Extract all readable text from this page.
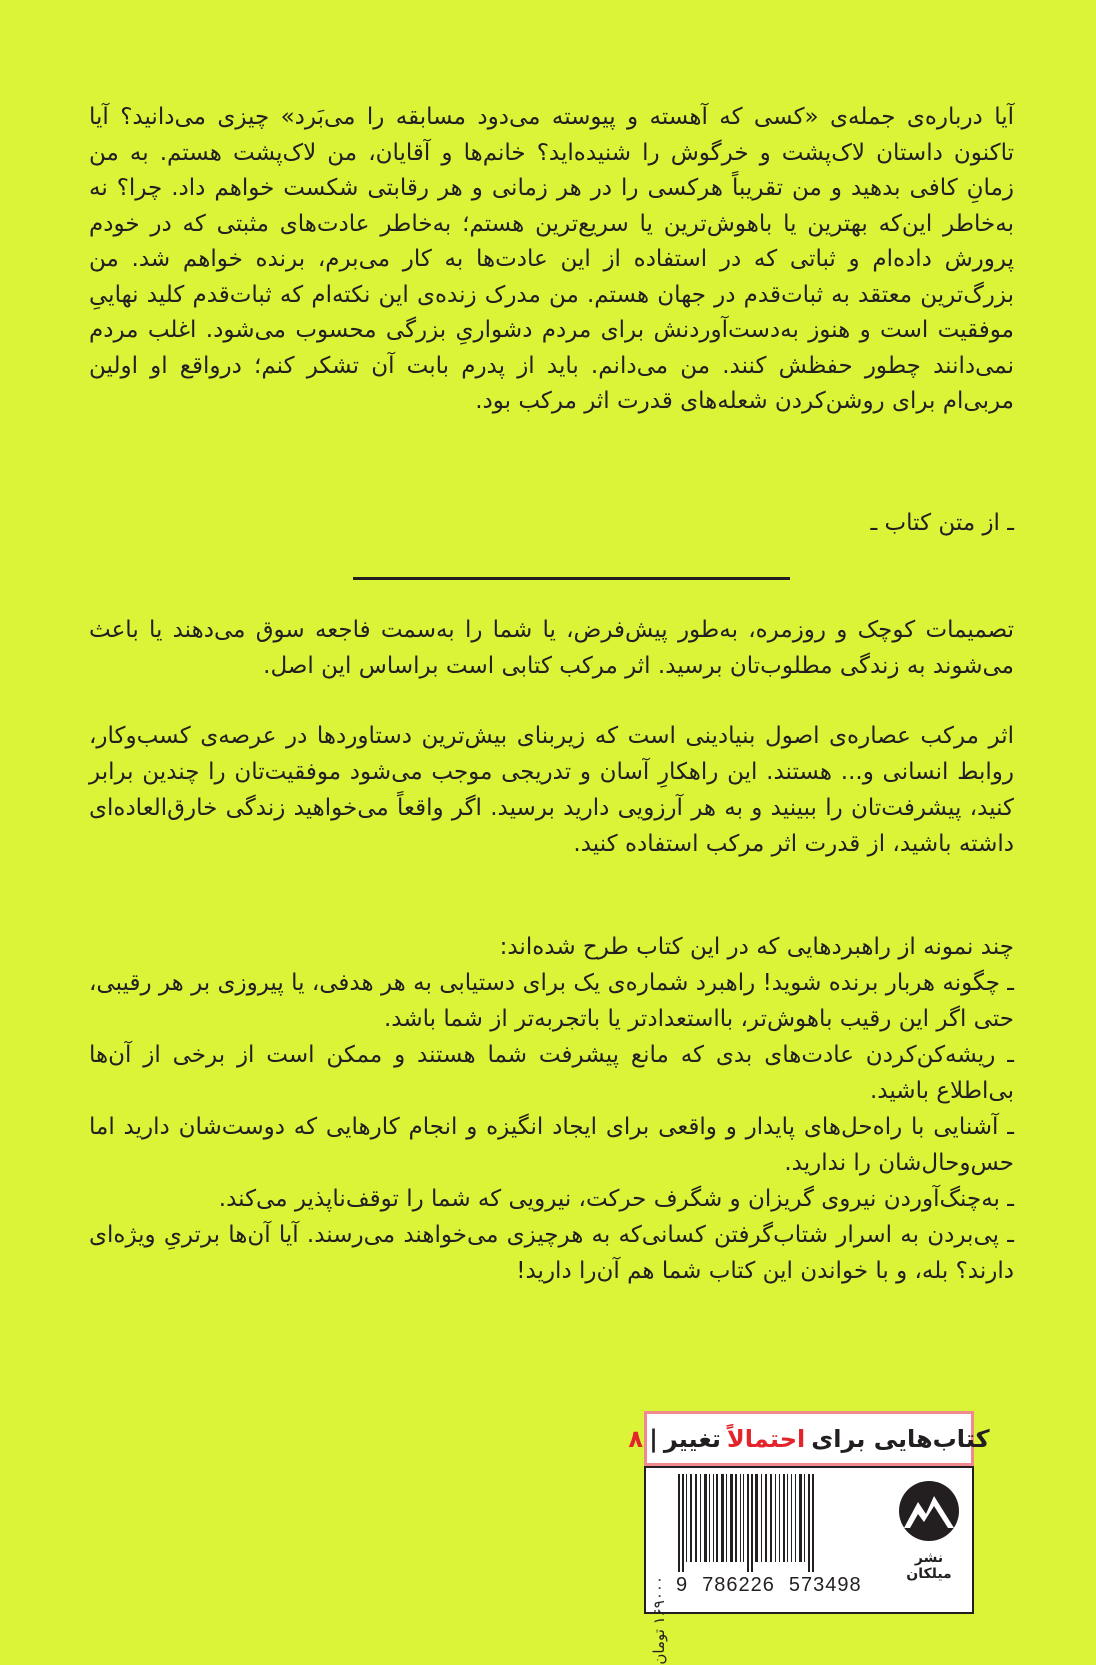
آیا درباره‌ی جمله‌ی «کسی که آهسته و پیوسته می‌دود مسابقه را می‌بَرد» چیزی می‌دانید؟ آیا تاکنون داستان لاک‌پشت و خرگوش را شنیده‌اید؟ خانم‌ها و آقایان، من لاک‌پشت هستم. به من زمانِ کافی بدهید و من تقریباً هرکسی را در هر زمانی و هر رقابتی شکست خواهم داد. چرا؟ نه به‌خاطر این‌که بهترین یا باهوش‌ترین یا سریع‌ترین هستم؛ به‌خاطر عادت‌های مثبتی که در خودم پرورش داده‌ام و ثباتی که در استفاده از این عادت‌ها به کار می‌برم، برنده خواهم شد. من بزرگ‌ترین معتقد به ثبات‌قدم در جهان هستم. من مدرک زنده‌ی این نکته‌ام که ثبات‌قدم کلید نهاییِ موفقیت است و هنوز به‌دست‌آوردنش برای مردم دشواریِ بزرگی محسوب می‌شود. اغلب مردم نمی‌دانند چطور حفظش کنند. من می‌دانم. باید از پدرم بابت آن تشکر کنم؛ درواقع او اولین مربی‌ام برای روشن‌کردن شعله‌های قدرت اثر مرکب بود.

ـ از متن کتاب ـ

تصمیمات کوچک و روزمره، به‌طور پیش‌فرض، یا شما را به‌سمت فاجعه سوق می‌دهند یا باعث می‌شوند به زندگی مطلوب‌تان برسید. اثر مرکب کتابی است براساس این اصل.

اثر مرکب عصاره‌ی اصول بنیادینی است که زیربنای بیش‌ترین دستاوردها در عرصه‌ی کسب‌وکار، روابط انسانی و... هستند. این راهکارِ آسان و تدریجی موجب می‌شود موفقیت‌تان را چندین برابر کنید، پیشرفت‌تان را ببینید و به هر آرزویی دارید برسید. اگر واقعاً می‌خواهید زندگی خارق‌العاده‌ای داشته باشید، از قدرت اثر مرکب استفاده کنید.

چند نمونه از راهبردهایی که در این کتاب طرح شده‌اند:

ـ چگونه هربار برنده شوید! راهبرد شماره‌ی یک برای دستیابی به هر هدفی، یا پیروزی بر هر رقیبی، حتی اگر این رقیب باهوش‌تر، بااستعدادتر یا باتجربه‌تر از شما باشد.

ـ ریشه‌کن‌کردن عادت‌های بدی که مانع پیشرفت شما هستند و ممکن است از برخی از آن‌ها بی‌اطلاع باشید.

ـ آشنایی با راه‌حل‌های پایدار و واقعی برای ایجاد انگیزه و انجام کارهایی که دوست‌شان دارید اما حس‌وحال‌شان را ندارید.

ـ به‌چنگ‌آوردن نیروی گریزان و شگرف حرکت، نیرویی که شما را توقف‌ناپذیر می‌کند.

ـ پی‌بردن به اسرار شتاب‌گرفتن کسانی‌که به هرچیزی می‌خواهند می‌رسند. آیا آن‌ها برتریِ ویژه‌ای دارند؟ بله، و با خواندن این کتاب شما هم آن‌را دارید!

کتاب‌هایی برای
احتمالاً
تغییر
|
۸
9 786226 573498
۱۶۹۰۰۰ تومان
نشر میلکان
